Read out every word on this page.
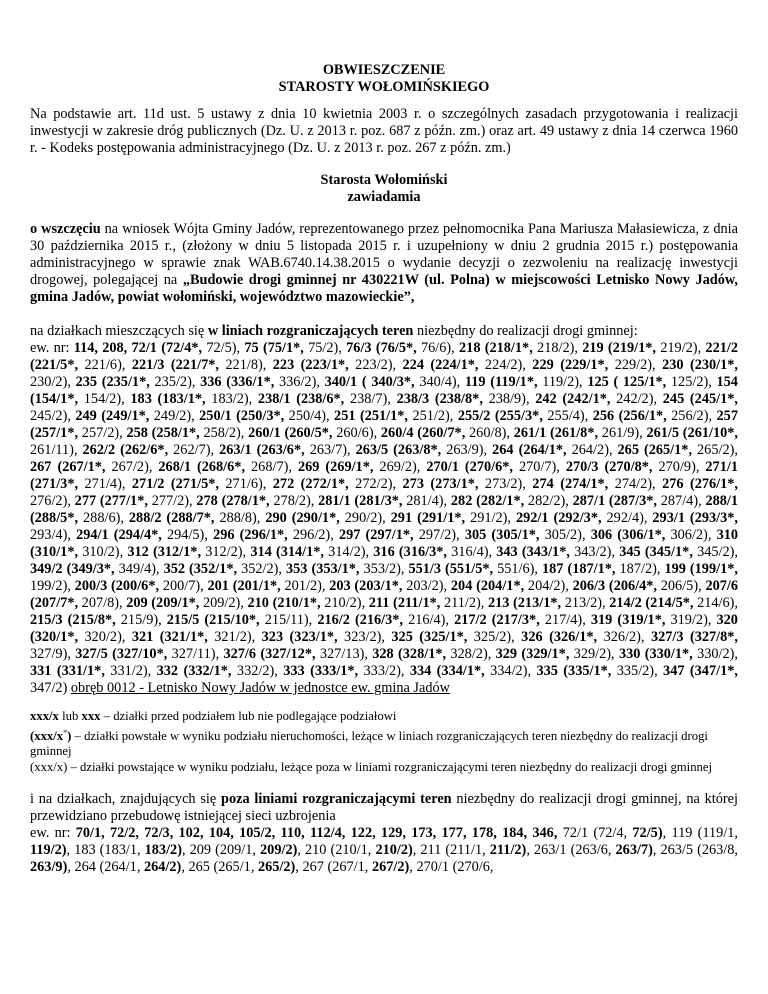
OBWIESZCZENIE
STAROSTY WOŁOMIŃSKIEGO

Na podstawie art. 11d ust. 5 ustawy z dnia 10 kwietnia 2003 r. o szczególnych zasadach przygotowania i realizacji inwestycji w zakresie dróg publicznych (Dz. U. z 2013 r. poz. 687 z późn. zm.) oraz art. 49 ustawy z dnia 14 czerwca 1960 r. - Kodeks postępowania administracyjnego (Dz. U. z 2013 r. poz. 267 z późn. zm.)

Starosta Wołomiński
zawiadamia

o wszczęciu na wniosek Wójta Gminy Jadów, reprezentowanego przez pełnomocnika Pana Mariusza Małasiewicza, z dnia 30 października 2015 r., (złożony w dniu 5 listopada 2015 r. i uzupełniony w dniu 2 grudnia 2015 r.) postępowania administracyjnego w sprawie znak WAB.6740.14.38.2015 o wydanie decyzji o zezwoleniu na realizację inwestycji drogowej, polegającej na „Budowie drogi gminnej nr 430221W (ul. Polna) w miejscowości Letnisko Nowy Jadów, gmina Jadów, powiat wołomiński, województwo mazowieckie”,

na działkach mieszczących się w liniach rozgraniczających teren niezbędny do realizacji drogi gminnej:

ew. nr: 114, 208, 72/1 (72/4*, 72/5), 75 (75/1*, 75/2), 76/3 (76/5*, 76/6), 218 (218/1*, 218/2), 219 (219/1*, 219/2), 221/2 (221/5*, 221/6), 221/3 (221/7*, 221/8), 223 (223/1*, 223/2), 224 (224/1*, 224/2), 229 (229/1*, 229/2), 230 (230/1*, 230/2), 235 (235/1*, 235/2), 336 (336/1*, 336/2), 340/1 ( 340/3*, 340/4), 119 (119/1*, 119/2), 125 ( 125/1*, 125/2), 154 (154/1*, 154/2), 183 (183/1*, 183/2), 238/1 (238/6*, 238/7), 238/3 (238/8*, 238/9), 242 (242/1*, 242/2), 245 (245/1*, 245/2), 249 (249/1*, 249/2), 250/1 (250/3*, 250/4), 251 (251/1*, 251/2), 255/2 (255/3*, 255/4), 256 (256/1*, 256/2), 257 (257/1*, 257/2), 258 (258/1*, 258/2), 260/1 (260/5*, 260/6), 260/4 (260/7*, 260/8), 261/1 (261/8*, 261/9), 261/5 (261/10*, 261/11), 262/2 (262/6*, 262/7), 263/1 (263/6*, 263/7), 263/5 (263/8*, 263/9), 264 (264/1*, 264/2), 265 (265/1*, 265/2), 267 (267/1*, 267/2), 268/1 (268/6*, 268/7), 269 (269/1*, 269/2), 270/1 (270/6*, 270/7), 270/3 (270/8*, 270/9), 271/1 (271/3*, 271/4), 271/2 (271/5*, 271/6), 272 (272/1*, 272/2), 273 (273/1*, 273/2), 274 (274/1*, 274/2), 276 (276/1*, 276/2), 277 (277/1*, 277/2), 278 (278/1*, 278/2), 281/1 (281/3*, 281/4), 282 (282/1*, 282/2), 287/1 (287/3*, 287/4), 288/1 (288/5*, 288/6), 288/2 (288/7*, 288/8), 290 (290/1*, 290/2), 291 (291/1*, 291/2), 292/1 (292/3*, 292/4), 293/1 (293/3*, 293/4), 294/1 (294/4*, 294/5), 296 (296/1*, 296/2), 297 (297/1*, 297/2), 305 (305/1*, 305/2), 306 (306/1*, 306/2), 310 (310/1*, 310/2), 312 (312/1*, 312/2), 314 (314/1*, 314/2), 316 (316/3*, 316/4), 343 (343/1*, 343/2), 345 (345/1*, 345/2), 349/2 (349/3*, 349/4), 352 (352/1*, 352/2), 353 (353/1*, 353/2), 551/3 (551/5*, 551/6), 187 (187/1*, 187/2), 199 (199/1*, 199/2), 200/3 (200/6*, 200/7), 201 (201/1*, 201/2), 203 (203/1*, 203/2), 204 (204/1*, 204/2), 206/3 (206/4*, 206/5), 207/6 (207/7*, 207/8), 209 (209/1*, 209/2), 210 (210/1*, 210/2), 211 (211/1*, 211/2), 213 (213/1*, 213/2), 214/2 (214/5*, 214/6), 215/3 (215/8*, 215/9), 215/5 (215/10*, 215/11), 216/2 (216/3*, 216/4), 217/2 (217/3*, 217/4), 319 (319/1*, 319/2), 320 (320/1*, 320/2), 321 (321/1*, 321/2), 323 (323/1*, 323/2), 325 (325/1*, 325/2), 326 (326/1*, 326/2), 327/3 (327/8*, 327/9), 327/5 (327/10*, 327/11), 327/6 (327/12*, 327/13), 328 (328/1*, 328/2), 329 (329/1*, 329/2), 330 (330/1*, 330/2), 331 (331/1*, 331/2), 332 (332/1*, 332/2), 333 (333/1*, 333/2), 334 (334/1*, 334/2), 335 (335/1*, 335/2), 347 (347/1*, 347/2) obręb 0012 - Letnisko Nowy Jadów w jednostce ew. gmina Jadów

xxx/x lub xxx – działki przed podziałem lub nie podlegające podziałowi
(xxx/x*) – działki powstałe w wyniku podziału nieruchomości, leżące w liniach rozgraniczających teren niezbędny do realizacji drogi gminnej
(xxx/x) – działki powstające w wyniku podziału, leżące poza w liniami rozgraniczającymi teren niezbędny do realizacji drogi gminnej

i na działkach, znajdujących się poza liniami rozgraniczającymi teren niezbędny do realizacji drogi gminnej, na której przewidziano przebudowę istniejącej sieci uzbrojenia

ew. nr: 70/1, 72/2, 72/3, 102, 104, 105/2, 110, 112/4, 122, 129, 173, 177, 178, 184, 346, 72/1 (72/4, 72/5), 119 (119/1, 119/2), 183 (183/1, 183/2), 209 (209/1, 209/2), 210 (210/1, 210/2), 211 (211/1, 211/2), 263/1 (263/6, 263/7), 263/5 (263/8, 263/9), 264 (264/1, 264/2), 265 (265/1, 265/2), 267 (267/1, 267/2), 270/1 (270/6,
